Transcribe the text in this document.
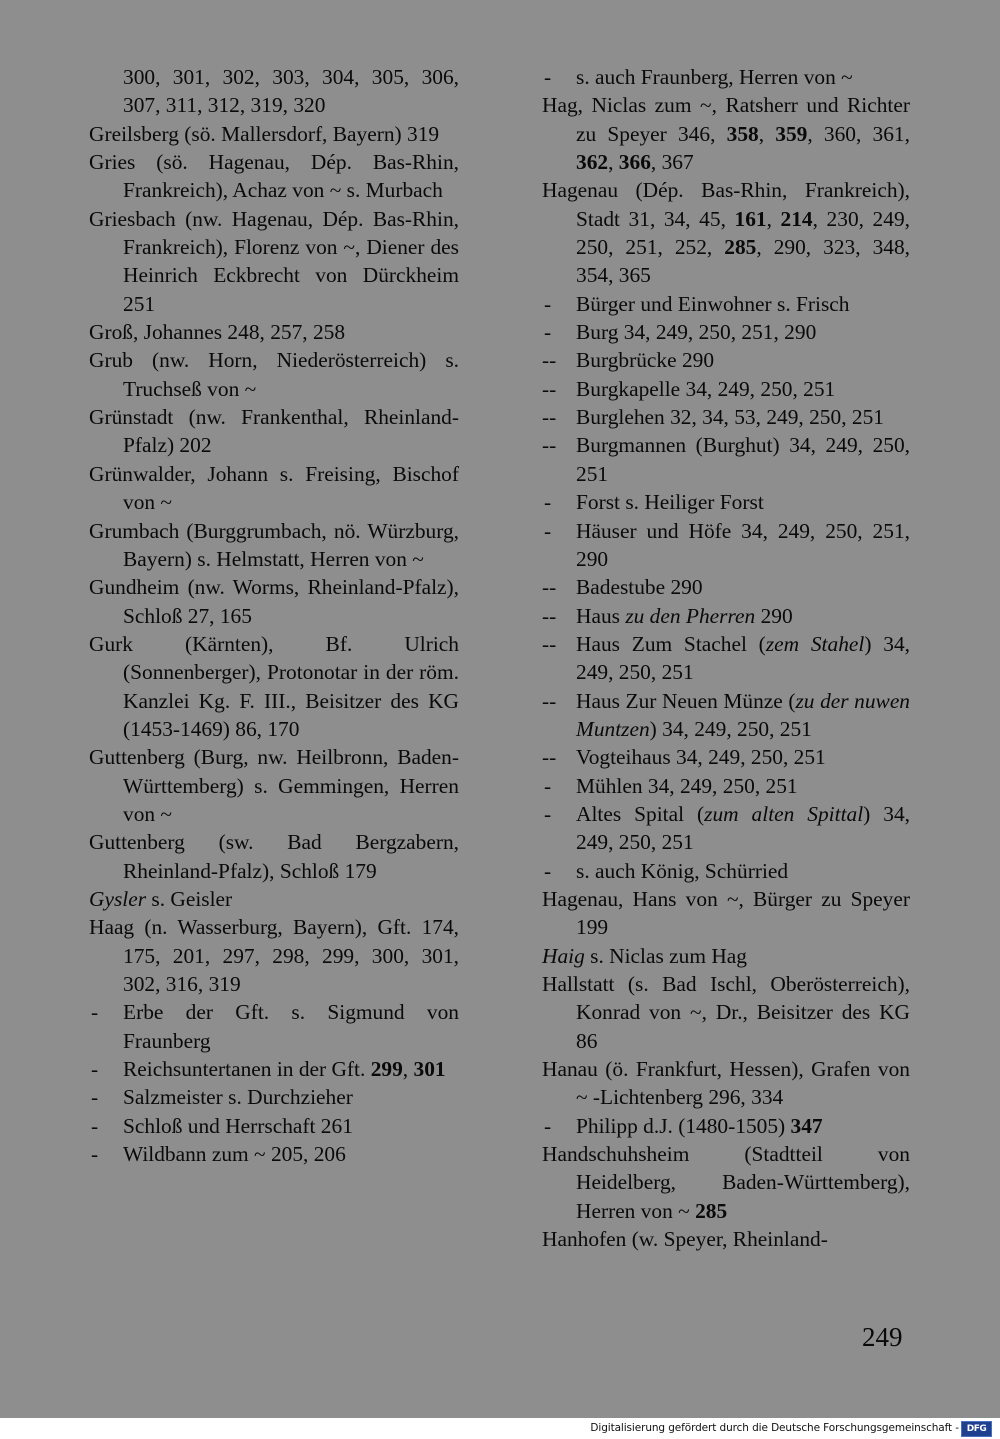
300, 301, 302, 303, 304, 305, 306, 307, 311, 312, 319, 320

Greilsberg (sö. Mallersdorf, Bayern) 319

Gries (sö. Hagenau, Dép. Bas-Rhin, Frankreich), Achaz von ~ s. Murbach

Griesbach (nw. Hagenau, Dép. Bas-Rhin, Frankreich), Florenz von ~, Diener des Heinrich Eckbrecht von Dürckheim 251

Groß, Johannes 248, 257, 258

Grub (nw. Horn, Niederösterreich) s. Truchseß von ~

Grünstadt (nw. Frankenthal, Rheinland-Pfalz) 202

Grünwalder, Johann s. Freising, Bischof von ~

Grumbach (Burggrumbach, nö. Würzburg, Bayern) s. Helmstatt, Herren von ~

Gundheim (nw. Worms, Rheinland-Pfalz), Schloß 27, 165

Gurk (Kärnten), Bf. Ulrich (Sonnenberger), Protonotar in der röm. Kanzlei Kg. F. III., Beisitzer des KG (1453-1469) 86, 170

Guttenberg (Burg, nw. Heilbronn, Baden-Württemberg) s. Gemmingen, Herren von ~

Guttenberg (sw. Bad Bergzabern, Rheinland-Pfalz), Schloß 179

Gysler s. Geisler

Haag (n. Wasserburg, Bayern), Gft. 174, 175, 201, 297, 298, 299, 300, 301, 302, 316, 319

-	Erbe der Gft. s. Sigmund von Fraunberg

-	Reichsuntertanen in der Gft. 299, 301

-	Salzmeister s. Durchzieher

-	Schloß und Herrschaft 261

-	Wildbann zum ~ 205, 206

-	s. auch Fraunberg, Herren von ~

Hag, Niclas zum ~, Ratsherr und Richter zu Speyer 346, 358, 359, 360, 361, 362, 366, 367

Hagenau (Dép. Bas-Rhin, Frankreich), Stadt 31, 34, 45, 161, 214, 230, 249, 250, 251, 252, 285, 290, 323, 348, 354, 365

-	Bürger und Einwohner s. Frisch

-	Burg 34, 249, 250, 251, 290

-- Burgbrücke 290

-- Burgkapelle 34, 249, 250, 251

-- Burglehen 32, 34, 53, 249, 250, 251

-- Burgmannen (Burghut) 34, 249, 250, 251

-	Forst s. Heiliger Forst

-	Häuser und Höfe 34, 249, 250, 251, 290

-- Badestube 290

-- Haus zu den Pherren 290

-- Haus Zum Stachel (zem Stahel) 34, 249, 250, 251

-- Haus Zur Neuen Münze (zu der nuwen Muntzen) 34, 249, 250, 251

-- Vogteihaus 34, 249, 250, 251

-	Mühlen 34, 249, 250, 251

-	Altes Spital (zum alten Spittal) 34, 249, 250, 251

-	s. auch König, Schürried

Hagenau, Hans von ~, Bürger zu Speyer 199

Haig s. Niclas zum Hag

Hallstatt (s. Bad Ischl, Oberösterreich), Konrad von ~, Dr., Beisitzer des KG 86

Hanau (ö. Frankfurt, Hessen), Grafen von ~ -Lichtenberg 296, 334

-	Philipp d.J. (1480-1505) 347

Handschuhsheim (Stadtteil von Heidelberg, Baden-Württemberg), Herren von ~ 285

Hanhofen (w. Speyer, Rheinland-

249
Digitalisierung gefördert durch die Deutsche Forschungsgemeinschaft - DFG
